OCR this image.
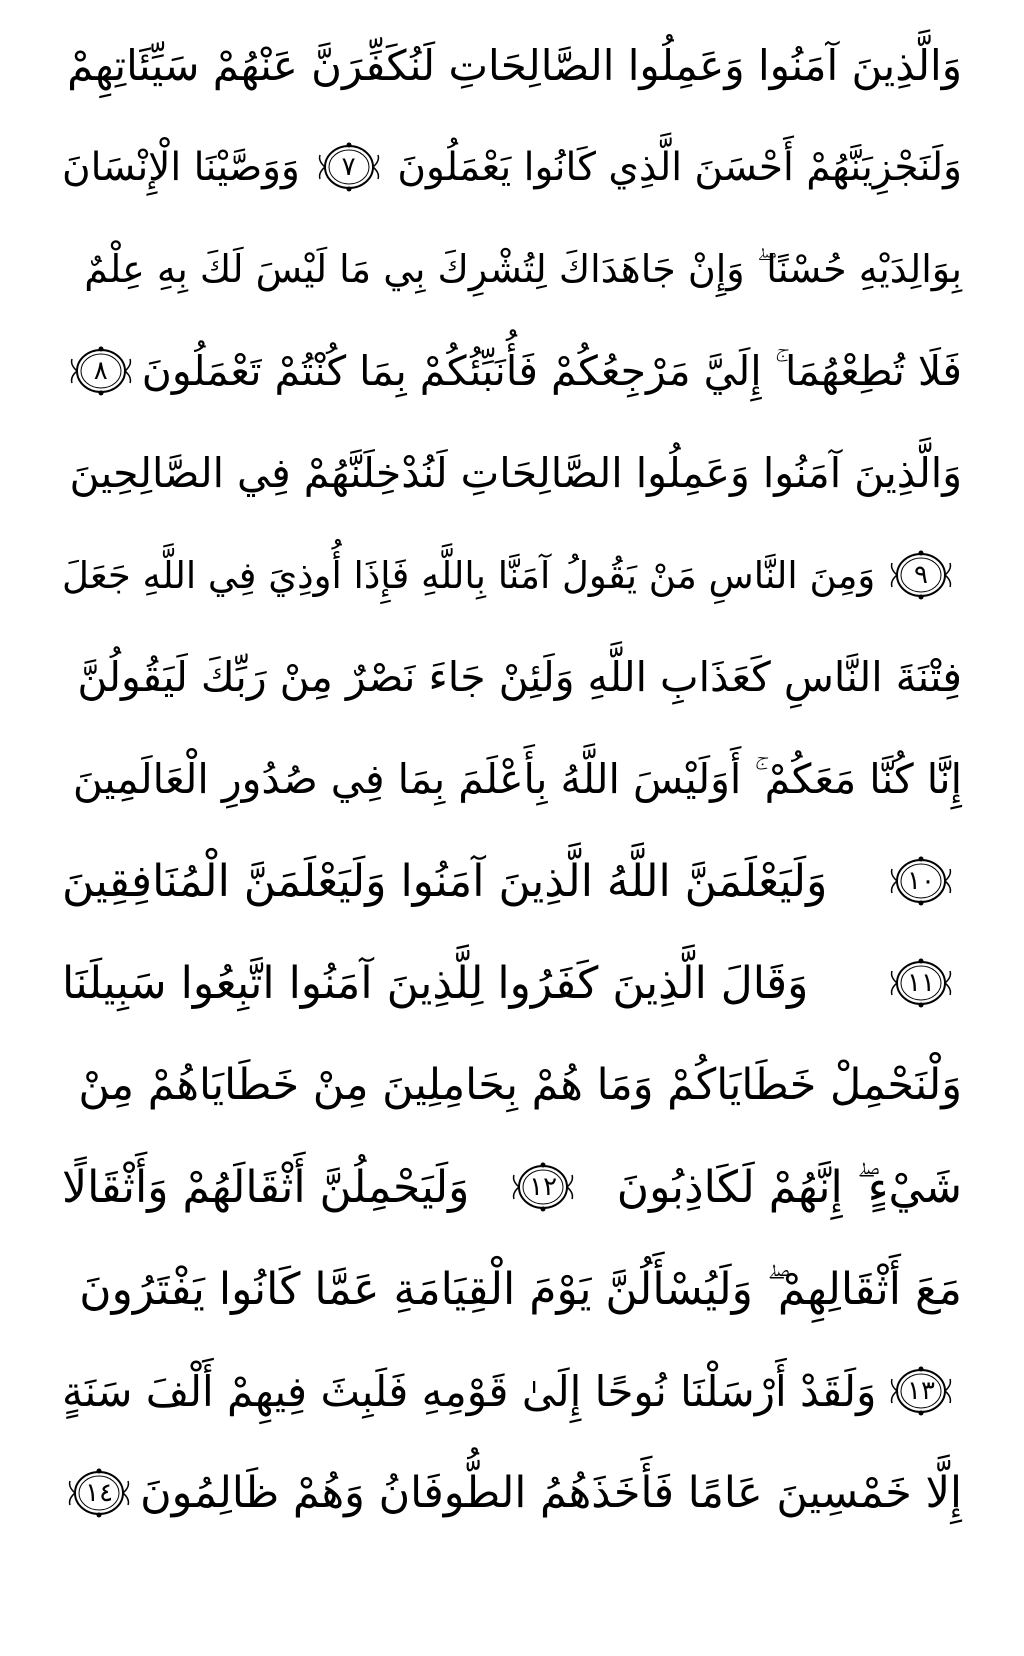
وَالَّذِينَ آمَنُوا وَعَمِلُوا الصَّالِحَاتِ لَنُكَفِّرَنَّ عَنْهُمْ سَيِّئَاتِهِمْ
وَلَنَجْزِيَنَّهُمْ أَحْسَنَ الَّذِي كَانُوا يَعْمَلُونَ
٧
وَوَصَّيْنَا الْإِنْسَانَ
بِوَالِدَيْهِ حُسْنًا ۖ وَإِنْ جَاهَدَاكَ لِتُشْرِكَ بِي مَا لَيْسَ لَكَ بِهِ عِلْمٌ
فَلَا تُطِعْهُمَا ۚ إِلَيَّ مَرْجِعُكُمْ فَأُنَبِّئُكُمْ بِمَا كُنْتُمْ تَعْمَلُونَ
٨
وَالَّذِينَ آمَنُوا وَعَمِلُوا الصَّالِحَاتِ لَنُدْخِلَنَّهُمْ فِي الصَّالِحِينَ
٩
وَمِنَ النَّاسِ مَنْ يَقُولُ آمَنَّا بِاللَّهِ فَإِذَا أُوذِيَ فِي اللَّهِ جَعَلَ
فِتْنَةَ النَّاسِ كَعَذَابِ اللَّهِ وَلَئِنْ جَاءَ نَصْرٌ مِنْ رَبِّكَ لَيَقُولُنَّ
إِنَّا كُنَّا مَعَكُمْ ۚ أَوَلَيْسَ اللَّهُ بِأَعْلَمَ بِمَا فِي صُدُورِ الْعَالَمِينَ
١٠
وَلَيَعْلَمَنَّ اللَّهُ الَّذِينَ آمَنُوا وَلَيَعْلَمَنَّ الْمُنَافِقِينَ
١١
وَقَالَ الَّذِينَ كَفَرُوا لِلَّذِينَ آمَنُوا اتَّبِعُوا سَبِيلَنَا
وَلْنَحْمِلْ خَطَايَاكُمْ وَمَا هُمْ بِحَامِلِينَ مِنْ خَطَايَاهُمْ مِنْ
شَيْءٍ ۖ إِنَّهُمْ لَكَاذِبُونَ
١٢
وَلَيَحْمِلُنَّ أَثْقَالَهُمْ وَأَثْقَالًا
مَعَ أَثْقَالِهِمْ ۖ وَلَيُسْأَلُنَّ يَوْمَ الْقِيَامَةِ عَمَّا كَانُوا يَفْتَرُونَ
١٣
وَلَقَدْ أَرْسَلْنَا نُوحًا إِلَىٰ قَوْمِهِ فَلَبِثَ فِيهِمْ أَلْفَ سَنَةٍ
إِلَّا خَمْسِينَ عَامًا فَأَخَذَهُمُ الطُّوفَانُ وَهُمْ ظَالِمُونَ
١٤
